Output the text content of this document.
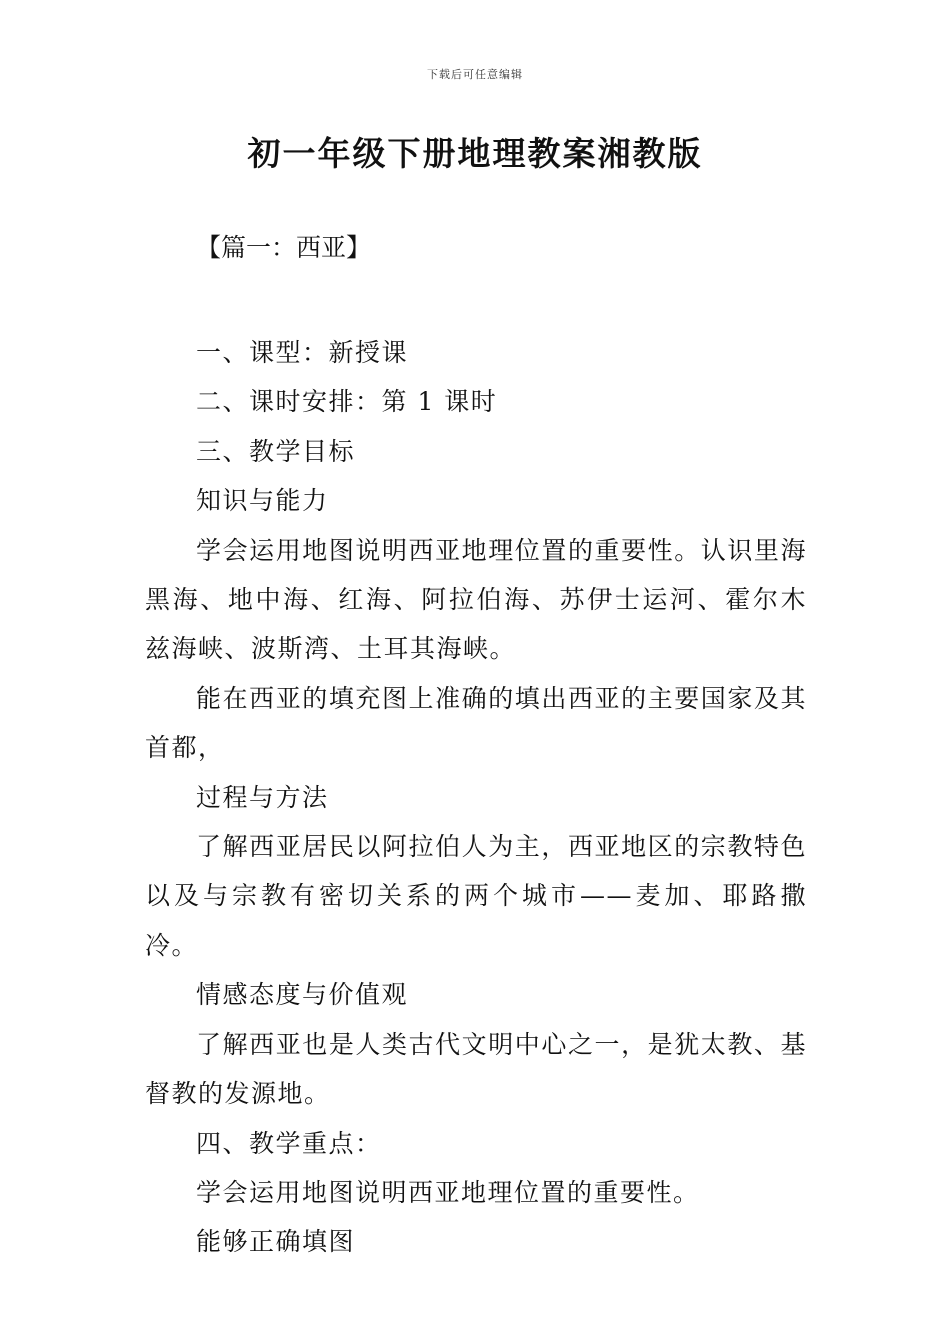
下载后可任意编辑
初一年级下册地理教案湘教版
【篇一：西亚】

一、课型：新授课

二、课时安排：第 1 课时

三、教学目标

知识与能力

学会运用地图说明西亚地理位置的重要性。认识里海黑海、地中海、红海、阿拉伯海、苏伊士运河、霍尔木兹海峡、波斯湾、土耳其海峡。

能在西亚的填充图上准确的填出西亚的主要国家及其首都，

过程与方法

了解西亚居民以阿拉伯人为主，西亚地区的宗教特色以及与宗教有密切关系的两个城市——麦加、耶路撒冷。

情感态度与价值观

了解西亚也是人类古代文明中心之一，是犹太教、基督教的发源地。

四、教学重点：

学会运用地图说明西亚地理位置的重要性。

能够正确填图
